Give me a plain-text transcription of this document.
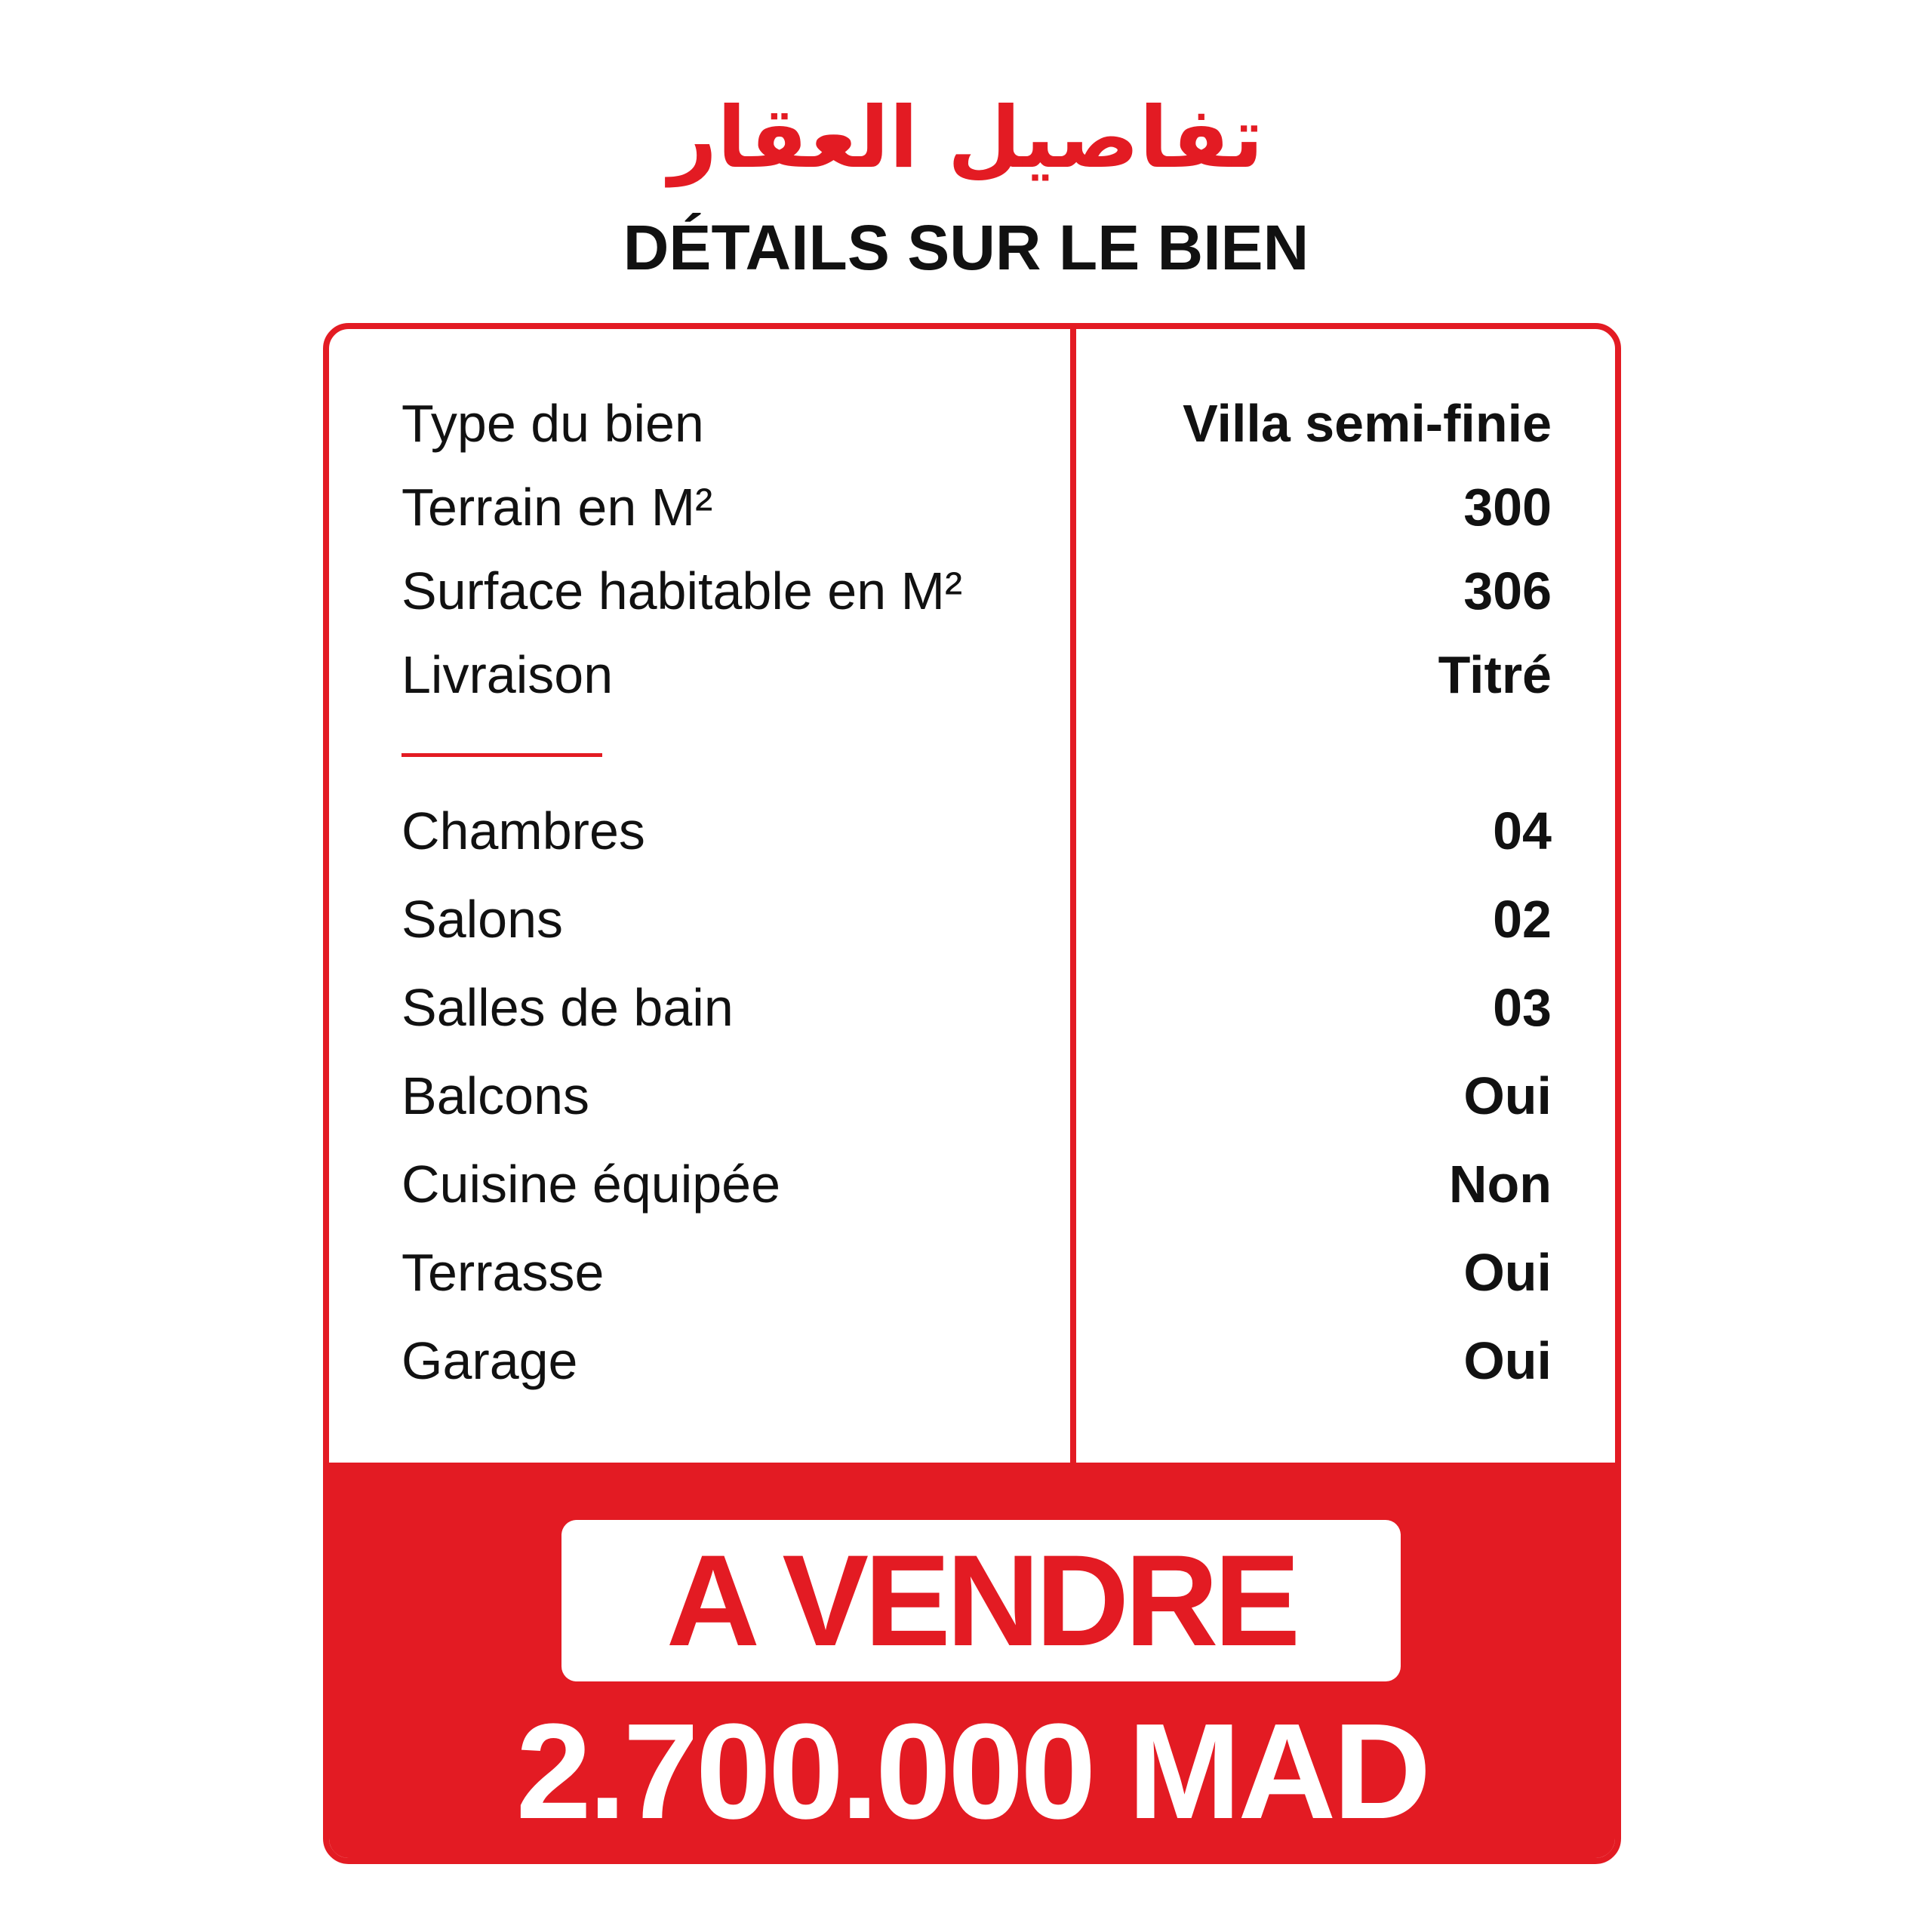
تفاصيل العقار
DÉTAILS SUR LE BIEN
Type du bien	Villa semi-finie
Terrain en M²	300
Surface habitable en M²	306
Livraison	Titré
Chambres	04
Salons	02
Salles de bain	03
Balcons	Oui
Cuisine équipée	Non
Terrasse	Oui
Garage	Oui
A VENDRE
2.700.000 MAD
